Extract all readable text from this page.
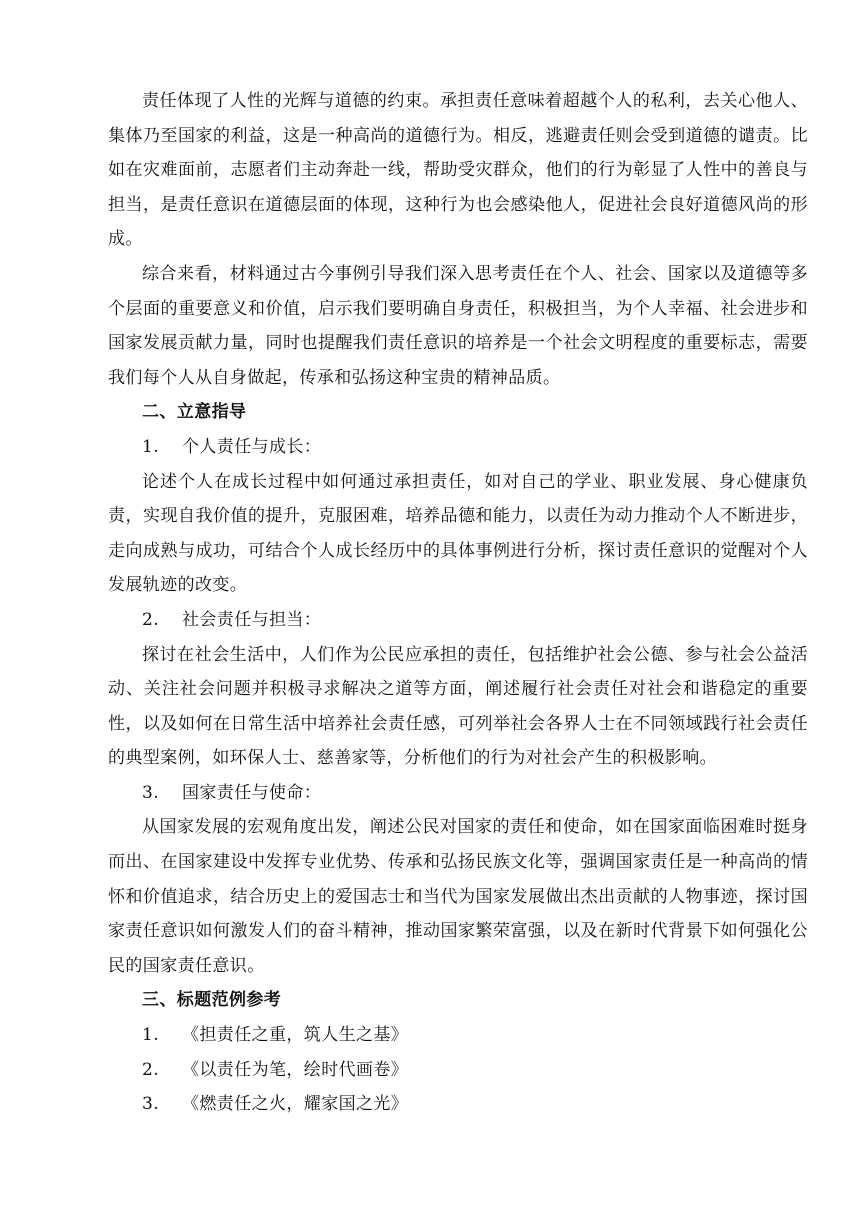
责任体现了人性的光辉与道德的约束。承担责任意味着超越个人的私利，去关心他人、集体乃至国家的利益，这是一种高尚的道德行为。相反，逃避责任则会受到道德的谴责。比如在灾难面前，志愿者们主动奔赴一线，帮助受灾群众，他们的行为彰显了人性中的善良与担当，是责任意识在道德层面的体现，这种行为也会感染他人，促进社会良好道德风尚的形成。

综合来看，材料通过古今事例引导我们深入思考责任在个人、社会、国家以及道德等多个层面的重要意义和价值，启示我们要明确自身责任，积极担当，为个人幸福、社会进步和国家发展贡献力量，同时也提醒我们责任意识的培养是一个社会文明程度的重要标志，需要我们每个人从自身做起，传承和弘扬这种宝贵的精神品质。

二、立意指导

1. 个人责任与成长：

论述个人在成长过程中如何通过承担责任，如对自己的学业、职业发展、身心健康负责，实现自我价值的提升，克服困难，培养品德和能力，以责任为动力推动个人不断进步，走向成熟与成功，可结合个人成长经历中的具体事例进行分析，探讨责任意识的觉醒对个人发展轨迹的改变。

2. 社会责任与担当：

探讨在社会生活中，人们作为公民应承担的责任，包括维护社会公德、参与社会公益活动、关注社会问题并积极寻求解决之道等方面，阐述履行社会责任对社会和谐稳定的重要性，以及如何在日常生活中培养社会责任感，可列举社会各界人士在不同领域践行社会责任的典型案例，如环保人士、慈善家等，分析他们的行为对社会产生的积极影响。

3. 国家责任与使命：

从国家发展的宏观角度出发，阐述公民对国家的责任和使命，如在国家面临困难时挺身而出、在国家建设中发挥专业优势、传承和弘扬民族文化等，强调国家责任是一种高尚的情怀和价值追求，结合历史上的爱国志士和当代为国家发展做出杰出贡献的人物事迹，探讨国家责任意识如何激发人们的奋斗精神，推动国家繁荣富强，以及在新时代背景下如何强化公民的国家责任意识。

三、标题范例参考

1. 《担责任之重，筑人生之基》

2. 《以责任为笔，绘时代画卷》

3. 《燃责任之火，耀家国之光》
